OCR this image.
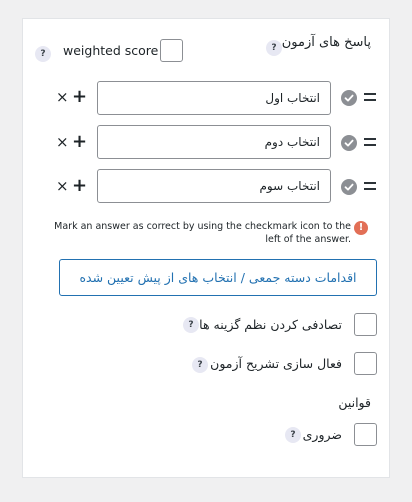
پاسخ های آزمون
?
weighted score
?
× +
انتخاب اول
× +
انتخاب دوم
× +
انتخاب سوم
!
Mark an answer as correct by using the checkmark icon to the left of the answer.
اقدامات دسته جمعی / انتخاب های از پیش تعیین شده
تصادفی کردن نظم گزینه ها
?
فعال سازی تشریح آزمون
?
قوانین
ضروری
?
